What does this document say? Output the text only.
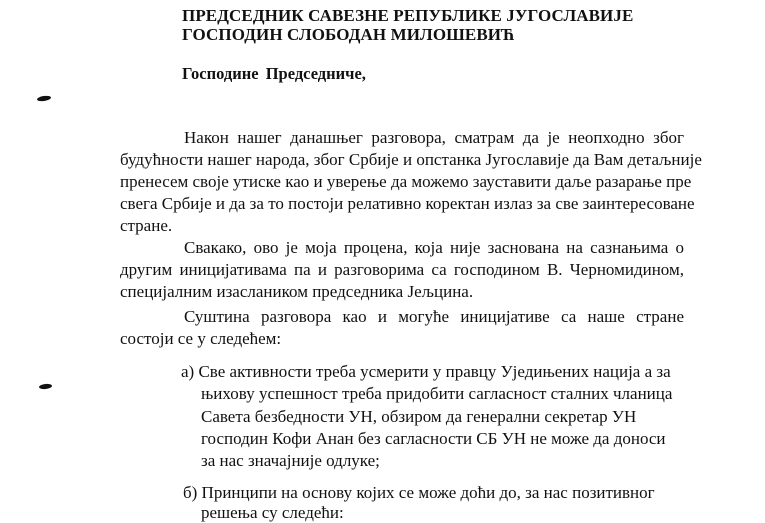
ПРЕДСЕДНИК САВЕЗНЕ РЕПУБЛИКЕ ЈУГОСЛАВИЈЕ
ГОСПОДИН СЛОБОДАН МИЛОШЕВИЋ
Господине Председниче,
Након нашег данашњег разговора, сматрам да је неопходно због
будућности нашег народа, због Србије и опстанка Југославије да Вам детаљније
пренесем своје утиске као и уверење да можемо зауставити даље разарање пре
свега Србије и да за то постоји релативно коректан излаз за све заинтересоване
стране.
Свакако, ово је моја процена, која није заснована на сазнањима о
другим иницијативама па и разговорима са господином В. Черномидином,
специјалним изаслаником председника Јељцина.
Суштина разговора као и могуће иницијативе са наше стране
состоји се у следећем:
а) Све активности треба усмерити у правцу Уједињених нација а за
њихову успешност треба придобити сагласност сталних чланица
Савета безбедности УН, обзиром да генерални секретар УН
господин Кофи Анан без сагласности СБ УН не може да доноси
за нас значајније одлуке;
б) Принципи на основу којих се може доћи до, за нас позитивног
решења су следећи:
